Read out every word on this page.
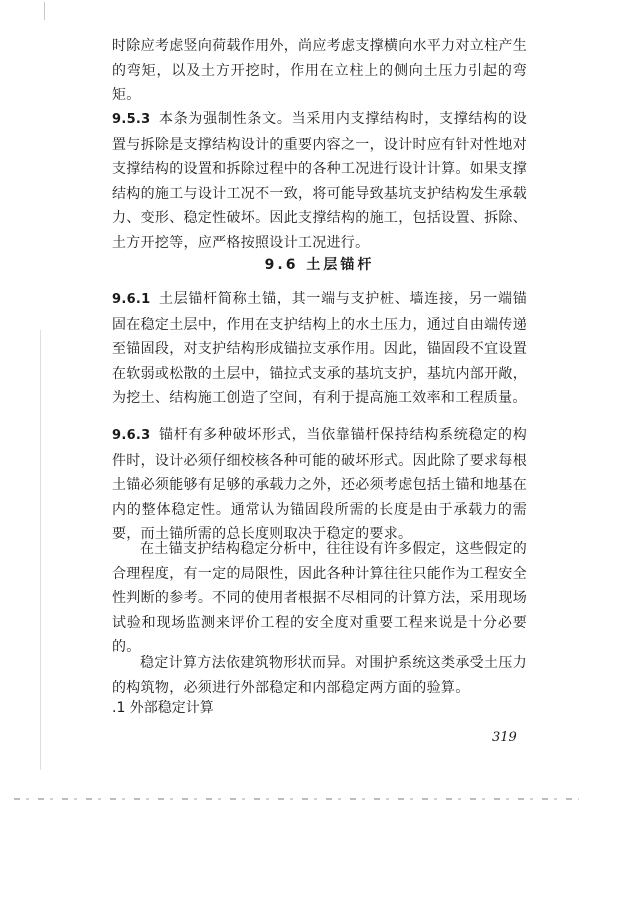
时除应考虑竖向荷载作用外，尚应考虑支撑横向水平力对立柱产生的弯矩，以及土方开挖时，作用在立柱上的侧向土压力引起的弯矩。
9.5.3 本条为强制性条文。当采用内支撑结构时，支撑结构的设置与拆除是支撑结构设计的重要内容之一，设计时应有针对性地对支撑结构的设置和拆除过程中的各种工况进行设计计算。如果支撑结构的施工与设计工况不一致，将可能导致基坑支护结构发生承载力、变形、稳定性破坏。因此支撑结构的施工，包括设置、拆除、土方开挖等，应严格按照设计工况进行。
9.6 土层锚杆
9.6.1 土层锚杆简称土锚，其一端与支护桩、墙连接，另一端锚固在稳定土层中，作用在支护结构上的水土压力，通过自由端传递至锚固段，对支护结构形成锚拉支承作用。因此，锚固段不宜设置在软弱或松散的土层中，锚拉式支承的基坑支护，基坑内部开敞，为挖土、结构施工创造了空间，有利于提高施工效率和工程质量。
9.6.3 锚杆有多种破坏形式，当依靠锚杆保持结构系统稳定的构件时，设计必须仔细校核各种可能的破坏形式。因此除了要求每根土锚必须能够有足够的承载力之外，还必须考虑包括土锚和地基在内的整体稳定性。通常认为锚固段所需的长度是由于承载力的需要，而土锚所需的总长度则取决于稳定的要求。
在土锚支护结构稳定分析中，往往设有许多假定，这些假定的合理程度，有一定的局限性，因此各种计算往往只能作为工程安全性判断的参考。不同的使用者根据不尽相同的计算方法，采用现场试验和现场监测来评价工程的安全度对重要工程来说是十分必要的。
稳定计算方法依建筑物形状而异。对围护系统这类承受土压力的构筑物，必须进行外部稳定和内部稳定两方面的验算。
.1 外部稳定计算
319
